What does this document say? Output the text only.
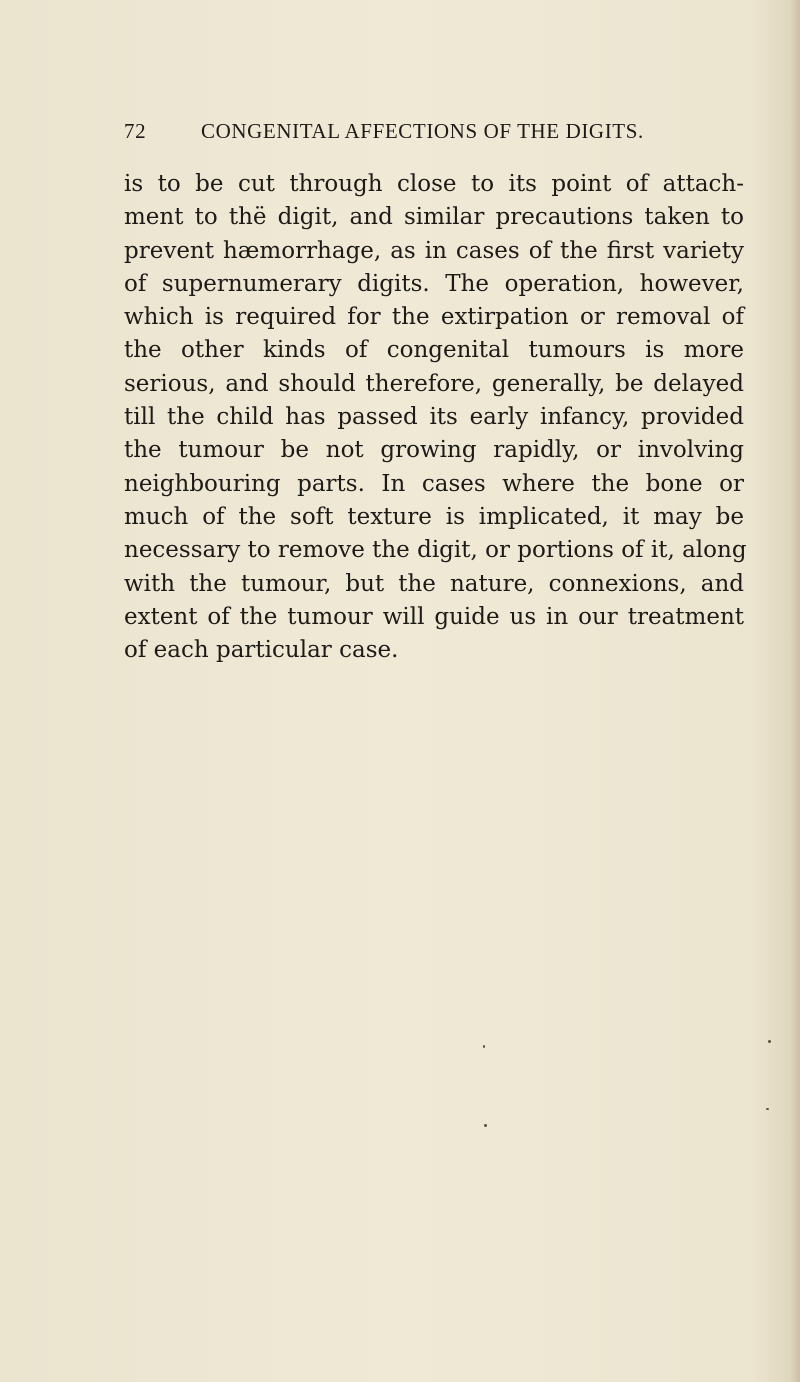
72	CONGENITAL AFFECTIONS OF THE DIGITS.
is to be cut through close to its point of attach-
ment to thë digit, and similar precautions taken to
prevent hæmorrhage, as in cases of the first variety
of supernumerary digits. The operation, however,
which is required for the extirpation or removal of
the other kinds of congenital tumours is more
serious, and should therefore, generally, be delayed
till the child has passed its early infancy, provided
the tumour be not growing rapidly, or involving
neighbouring parts. In cases where the bone or
much of the soft texture is implicated, it may be
necessary to remove the digit, or portions of it, along
with the tumour, but the nature, connexions, and
extent of the tumour will guide us in our treatment
of each particular case.
